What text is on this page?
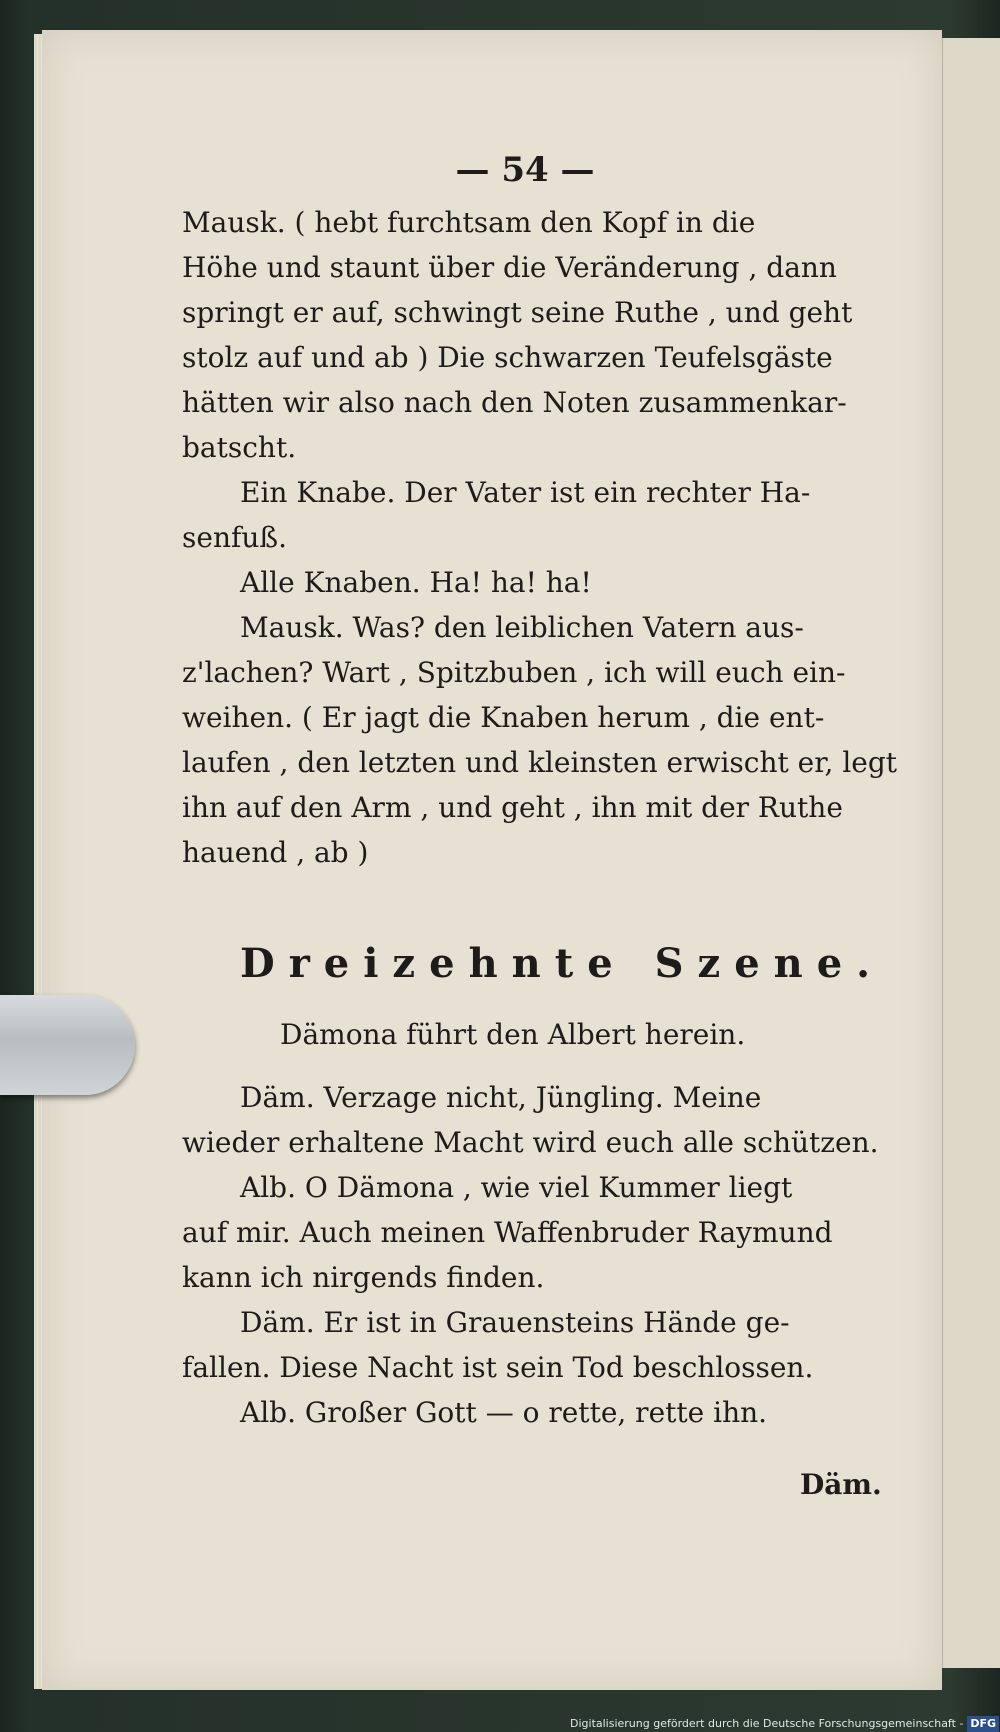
— 54 —
Mausk. ( hebt furchtsam den Kopf in die
Höhe und staunt über die Veränderung , dann
springt er auf, schwingt seine Ruthe , und geht
stolz auf und ab ) Die schwarzen Teufelsgäste
hätten wir also nach den Noten zusammenkar-
batscht.
Ein Knabe. Der Vater ist ein rechter Ha-
senfuß.
Alle Knaben. Ha! ha! ha!
Mausk. Was? den leiblichen Vatern aus-
z'lachen? Wart , Spitzbuben , ich will euch ein-
weihen. ( Er jagt die Knaben herum , die ent-
laufen , den letzten und kleinsten erwischt er, legt
ihn auf den Arm , und geht , ihn mit der Ruthe
hauend , ab )
Dreizehnte Szene.
Dämona führt den Albert herein.
Däm. Verzage nicht, Jüngling. Meine
wieder erhaltene Macht wird euch alle schützen.
Alb. O Dämona , wie viel Kummer liegt
auf mir. Auch meinen Waffenbruder Raymund
kann ich nirgends finden.
Däm. Er ist in Grauensteins Hände ge-
fallen. Diese Nacht ist sein Tod beschlossen.
Alb. Großer Gott — o rette, rette ihn.
Däm.
Digitalisierung gefördert durch die Deutsche Forschungsgemeinschaft - DFG
